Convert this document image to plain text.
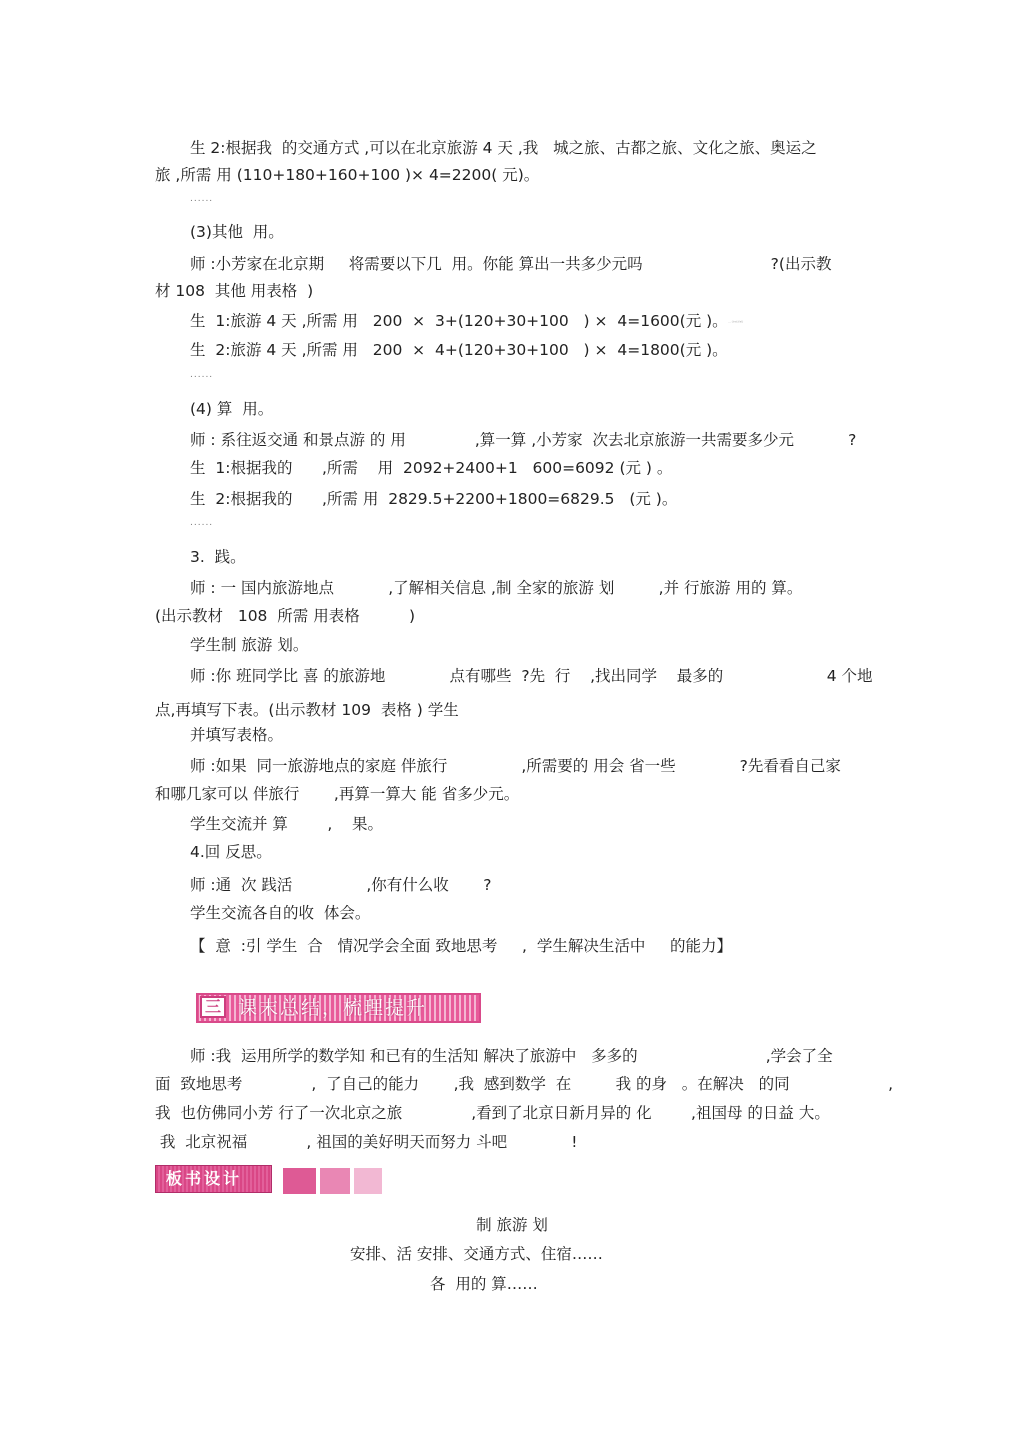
生 2:根据我  的交通方式 ,可以在北京旅游 4 天 ,我   城之旅、古都之旅、文化之旅、奥运之
旅 ,所需 用 (110+180+160+100 )× 4=2200( 元)。
......
(3)其他  用。
师 :小芳家在北京期     将需要以下几  用。你能 算出一共多少元吗                          ?(出示教
材 108  其他 用表格  )
生  1:旅游 4 天 ,所需 用   200  ×  3+(120+30+100   ) ×  4=1600(元 )。… (ind,fal)
生  2:旅游 4 天 ,所需 用   200  ×  4+(120+30+100   ) ×  4=1800(元 )。
......
(4) 算  用。
师 : 系往返交通 和景点游 的 用              ,算一算 ,小芳家  次去北京旅游一共需要多少元           ?
生  1:根据我的      ,所需    用  2092+2400+1   600=6092 (元 ) 。
生  2:根据我的      ,所需 用  2829.5+2200+1800=6829.5   (元 )。
......
3.  践。
师 : 一 国内旅游地点           ,了解相关信息 ,制 全家的旅游 划         ,并 行旅游 用的 算。
(出示教材   108  所需 用表格          )
学生制 旅游 划。
师 :你 班同学比 喜 的旅游地             点有哪些  ?先  行    ,找出同学    最多的                     4 个地
点,再填写下表。(出示教材 109  表格 ) 学生
并填写表格。
师 :如果  同一旅游地点的家庭 伴旅行               ,所需要的 用会 省一些             ?先看看自己家
和哪几家可以 伴旅行       ,再算一算大 能 省多少元。
学生交流并 算        ,    果。
4.回 反思。
师 :通  次 践活               ,你有什么收       ?
学生交流各自的收  体会。
【  意  :引 学生  合   情况学会全面 致地思考     ,  学生解决生活中     的能力】
三 课末总结，梳理提升
师 :我  运用所学的数学知 和已有的生活知 解决了旅游中   多多的                          ,学会了全
面  致地思考              ,  了自己的能力       ,我  感到数学  在         我 的身   。在解决   的同                    ,
我  也仿佛同小芳 行了一次北京之旅              ,看到了北京日新月异的 化        ,祖国母 的日益 大。
我  北京祝福            , 祖国的美好明天而努力 斗吧             !
板书设计
制 旅游 划
安排、活 安排、交通方式、住宿……
各  用的 算……
